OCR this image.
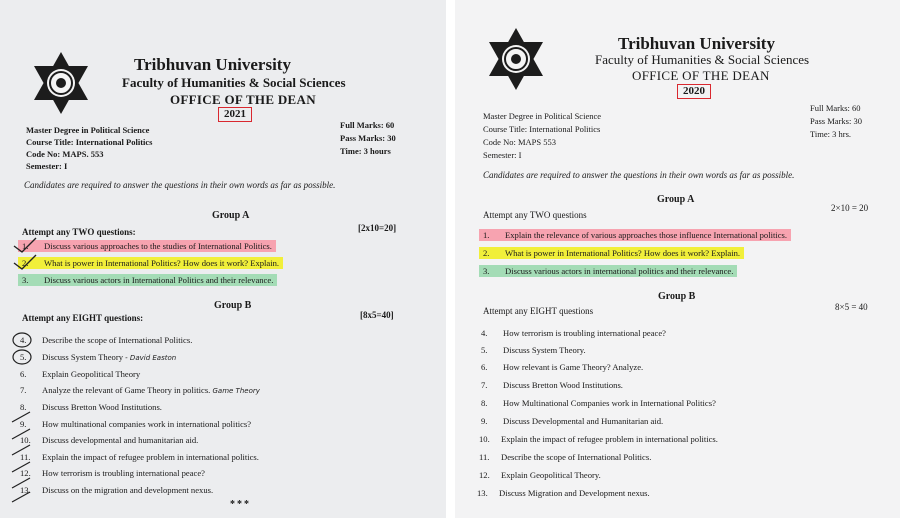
Tribhuvan University
Faculty of Humanities & Social Sciences
OFFICE OF THE DEAN
2021
Master Degree in Political Science
Course Title: International Politics
Code No: MAPS. 553
Semester: I
Full Marks: 60
Pass Marks: 30
Time: 3 hours
Candidates are required to answer the questions in their own words as far as possible.
Group A
Attempt any TWO questions:	[2x10=20]
1. Discuss various approaches to the studies of International Politics.
2. What is power in International Politics? How does it work? Explain.
3. Discuss various actors in International Politics and their relevance.
Group B
Attempt any EIGHT questions:	[8x5=40]
4. Describe the scope of International Politics.
5. Discuss System Theory - David Easton
6. Explain Geopolitical Theory
7. Analyze the relevant of Game Theory in politics. Game Theory
8. Discuss Bretton Wood Institutions.
9. How multinational companies work in international politics?
10. Discuss developmental and humanitarian aid.
11. Explain the impact of refugee problem in international politics.
12. How terrorism is troubling international peace?
13. Discuss on the migration and development nexus.
***
Tribhuvan University
Faculty of Humanities & Social Sciences
OFFICE OF THE DEAN
2020
Master Degree in Political Science
Course Title: International Politics
Code No: MAPS 553
Semester: I
Full Marks: 60
Pass Marks: 30
Time: 3 hrs.
Candidates are required to answer the questions in their own words as far as possible.
Group A
Attempt any TWO questions
2×10 = 20
1. Explain the relevance of various approaches those influence International politics.
2. What is power in International Politics? How does it work? Explain.
3. Discuss various actors in international politics and their relevance.
Group B
Attempt any EIGHT questions	8×5 = 40
4. How terrorism is troubling international peace?
5. Discuss System Theory.
6. How relevant is Game Theory? Analyze.
7. Discuss Bretton Wood Institutions.
8. How Multinational Companies work in International Politics?
9. Discuss Developmental and Humanitarian aid.
10. Explain the impact of refugee problem in international politics.
11. Describe the scope of International Politics.
12. Explain Geopolitical Theory.
13. Discuss Migration and Development nexus.
